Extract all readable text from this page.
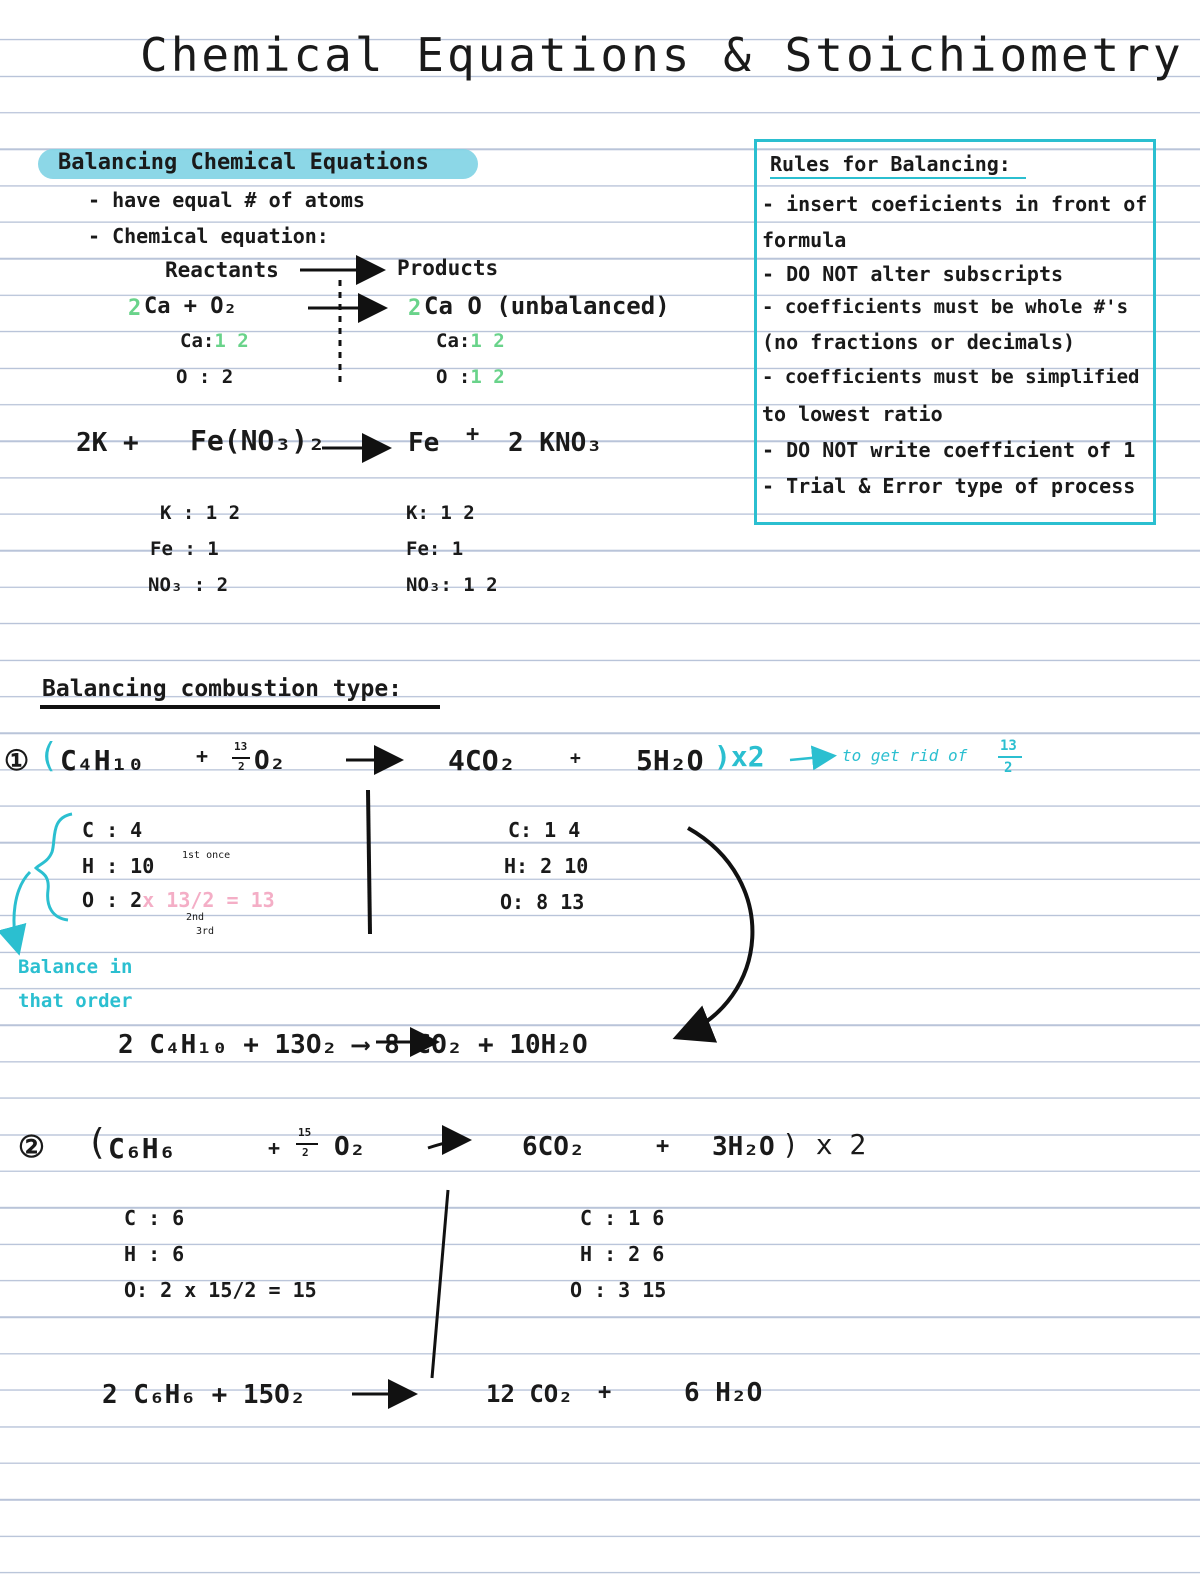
Chemical Equations & Stoichiometry
Balancing Chemical Equations
- have equal # of atoms
- Chemical equation:
Reactants	Products
2 Ca + O₂	2 Ca O (unbalanced)
Ca:1 2
O : 2
Ca:1 2
O :1 2
2K + Fe(NO₃)₂	Fe + 2 KNO₃
K : 1 2
Fe : 1
NO₃ : 2
K: 1 2
Fe: 1
NO₃: 1 2
Rules for Balancing:
- insert coeficients in front of
formula
- DO NOT alter subscripts
- coefficients must be whole #'s
(no fractions or decimals)
- coefficients must be simplified
to lowest ratio
- DO NOT write coefficient of 1
- Trial & Error type of process
Balancing combustion type:
① ( C₄H₁₀	+ 13
2 O₂	4CO₂	+ 5H₂O )x2	to get rid of 13
2
C : 4
H : 10
O : 2x 13/2 = 13
1st once
2nd
3rd
C: 1 4
H: 2 10
O: 8 13
Balance in
that order
2 C₄H₁₀ + 13O₂ ⟶ 8 CO₂ + 10H₂O
② ( C₆H₆	+
15
2 O₂	6CO₂	+ 3H₂O ) x 2
C : 6
H : 6
O: 2 x 15/2 = 15
C : 1 6
H : 2 6
O : 3 15
2 C₆H₆ + 15O₂	12 CO₂ +	6 H₂O
